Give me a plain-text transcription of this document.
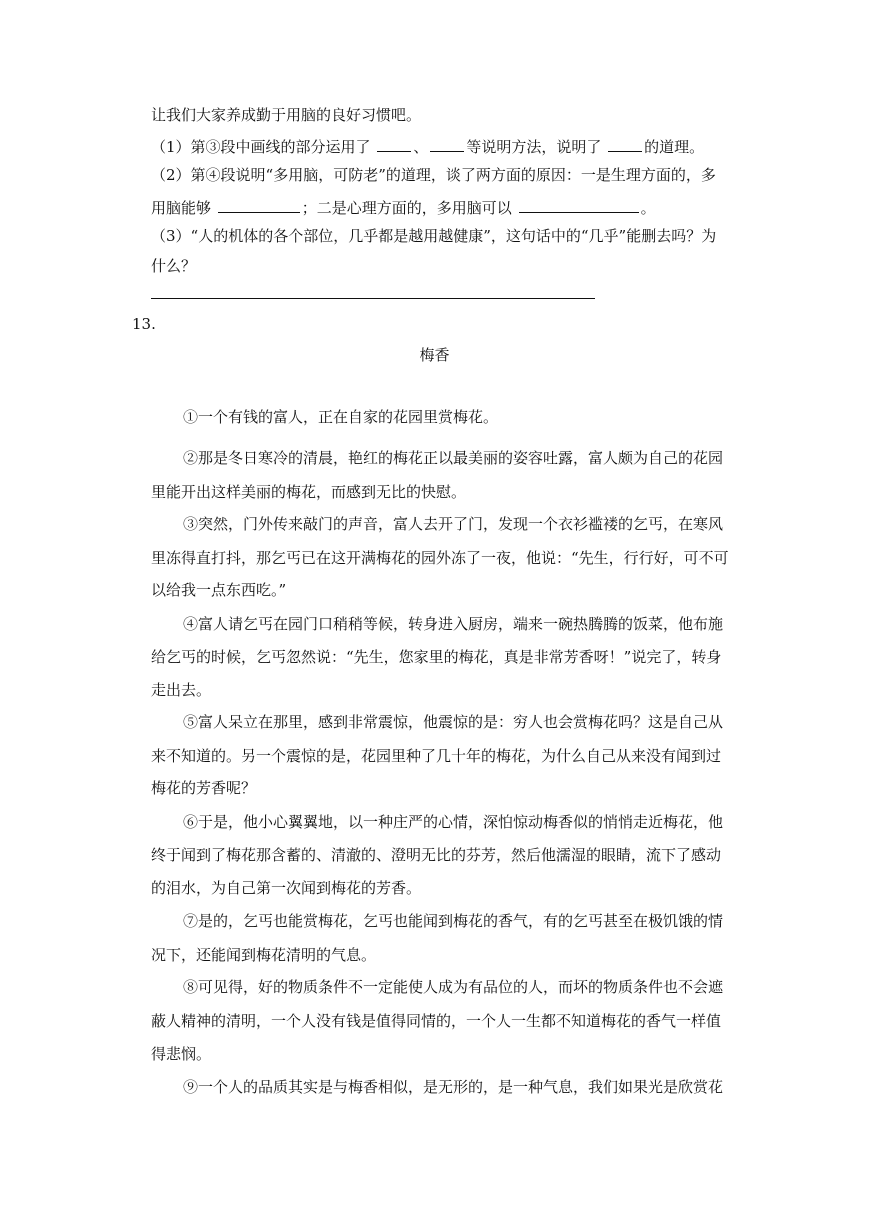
让我们大家养成勤于用脑的良好习惯吧。
（1）第③段中画线的部分运用了	、	等说明方法，说明了	的道理。
（2）第④段说明“多用脑，可防老”的道理，谈了两方面的原因：一是生理方面的，多
用脑能够	；二是心理方面的，多用脑可以	。
（3）“人的机体的各个部位，几乎都是越用越健康”，这句话中的“几乎”能删去吗？为
什么？
13.
梅香
①一个有钱的富人，正在自家的花园里赏梅花。
②那是冬日寒冷的清晨，艳红的梅花正以最美丽的姿容吐露，富人颇为自己的花园
里能开出这样美丽的梅花，而感到无比的快慰。
③突然，门外传来敲门的声音，富人去开了门，发现一个衣衫褴褛的乞丐，在寒风
里冻得直打抖，那乞丐已在这开满梅花的园外冻了一夜，他说：“先生，行行好，可不可
以给我一点东西吃。”
④富人请乞丐在园门口稍稍等候，转身进入厨房，端来一碗热腾腾的饭菜，他布施
给乞丐的时候，乞丐忽然说：“先生，您家里的梅花，真是非常芳香呀！”说完了，转身
走出去。
⑤富人呆立在那里，感到非常震惊，他震惊的是：穷人也会赏梅花吗？这是自己从
来不知道的。另一个震惊的是，花园里种了几十年的梅花，为什么自己从来没有闻到过
梅花的芳香呢？
⑥于是，他小心翼翼地，以一种庄严的心情，深怕惊动梅香似的悄悄走近梅花，他
终于闻到了梅花那含蓄的、清澈的、澄明无比的芬芳，然后他濡湿的眼睛，流下了感动
的泪水，为自己第一次闻到梅花的芳香。
⑦是的，乞丐也能赏梅花，乞丐也能闻到梅花的香气，有的乞丐甚至在极饥饿的情
况下，还能闻到梅花清明的气息。
⑧可见得，好的物质条件不一定能使人成为有品位的人，而坏的物质条件也不会遮
蔽人精神的清明，一个人没有钱是值得同情的，一个人一生都不知道梅花的香气一样值
得悲悯。
⑨一个人的品质其实是与梅香相似，是无形的，是一种气息，我们如果光是欣赏花
